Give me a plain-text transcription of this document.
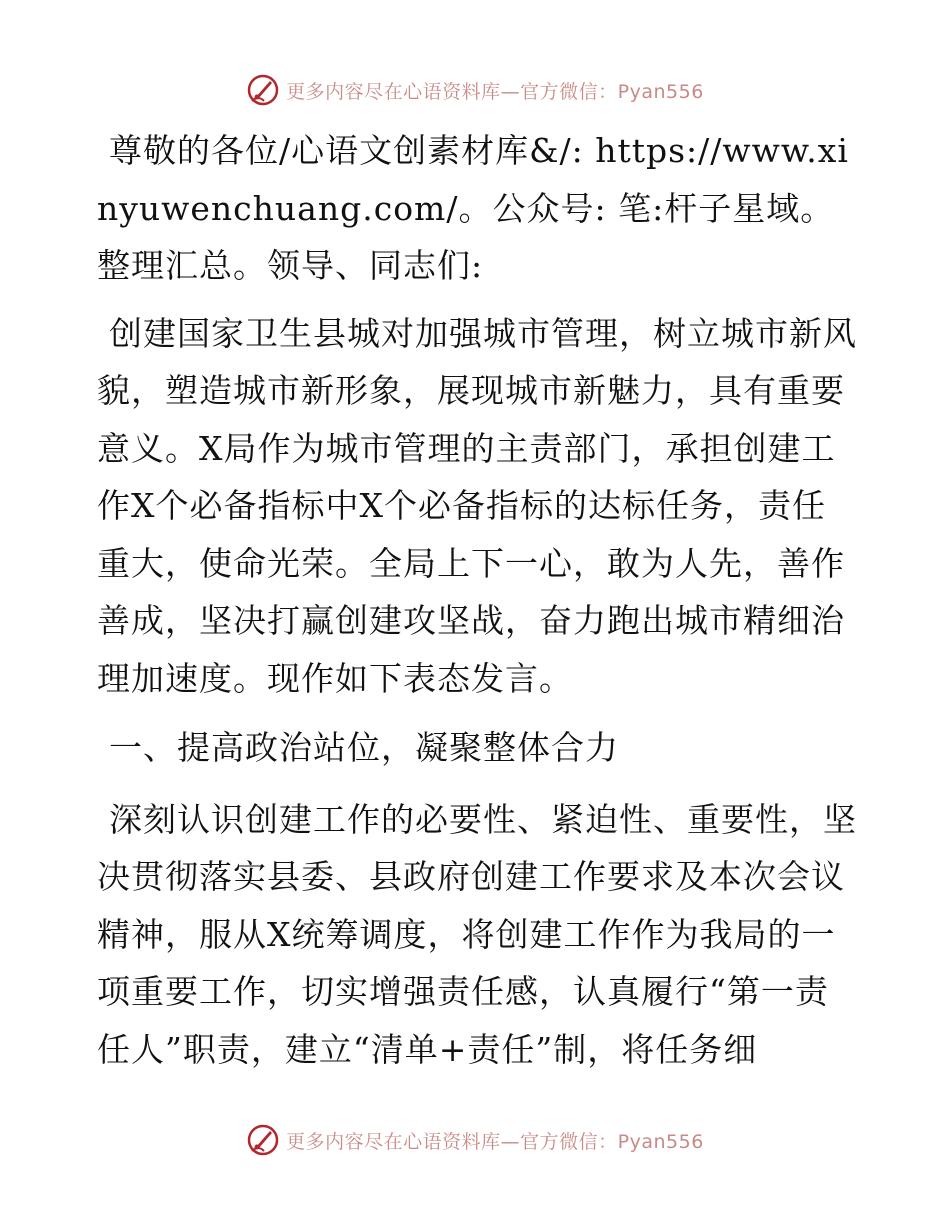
更多内容尽在心语资料库—官方微信：Pyan556

尊敬的各位/心语文创素材库&/: https://www.xinyuwenchuang.com/。公众号: 笔:杆子星域。整理汇总。领导、同志们:

创建国家卫生县城对加强城市管理，树立城市新风貌，塑造城市新形象，展现城市新魅力，具有重要意义。X局作为城市管理的主责部门，承担创建工作X个必备指标中X个必备指标的达标任务，责任重大，使命光荣。全局上下一心，敢为人先，善作善成，坚决打赢创建攻坚战，奋力跑出城市精细治理加速度。现作如下表态发言。

一、提高政治站位，凝聚整体合力

深刻认识创建工作的必要性、紧迫性、重要性，坚决贯彻落实县委、县政府创建工作要求及本次会议精神，服从X统筹调度，将创建工作作为我局的一项重要工作，切实增强责任感，认真履行“第一责任人”职责，建立“清单+责任”制，将任务细

更多内容尽在心语资料库—官方微信：Pyan556
